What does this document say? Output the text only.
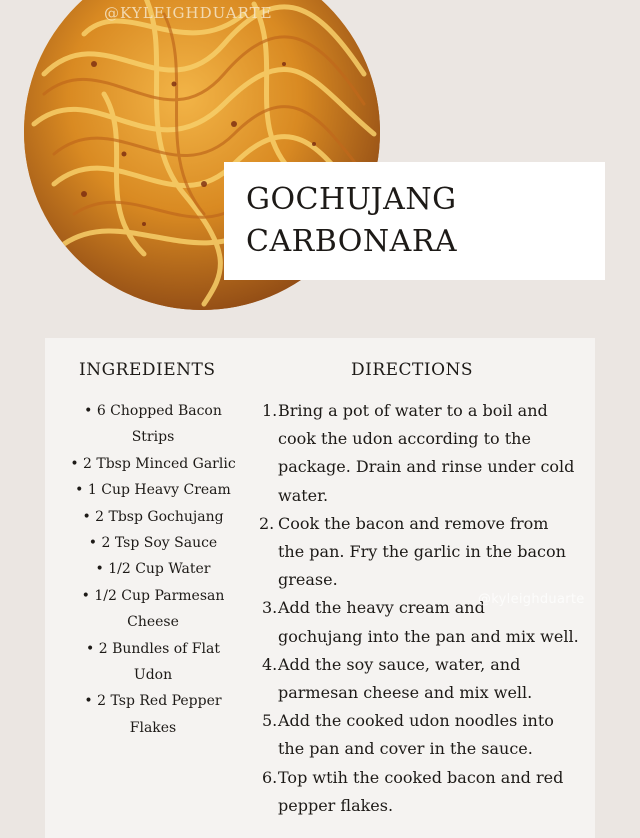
@KYLEIGHDUARTE
GOCHUJANG
CARBONARA
INGREDIENTS	DIRECTIONS
• 6 Chopped Bacon
Strips
• 2 Tbsp Minced Garlic
• 1 Cup Heavy Cream
• 2 Tbsp Gochujang
• 2 Tsp Soy Sauce
• 1/2 Cup Water
• 1/2 Cup Parmesan
Cheese
• 2 Bundles of Flat
Udon
• 2 Tsp Red Pepper
Flakes
1. Bring a pot of water to a boil and
cook the udon according to the
package. Drain and rinse under cold
water.
2. Cook the bacon and remove from
the pan. Fry the garlic in the bacon
grease.
3. Add the heavy cream and
gochujang into the pan and mix well.
4. Add the soy sauce, water, and
parmesan cheese and mix well.
5. Add the cooked udon noodles into
the pan and cover in the sauce.
6. Top wtih the cooked bacon and red
pepper flakes.
@kyleighduarte
